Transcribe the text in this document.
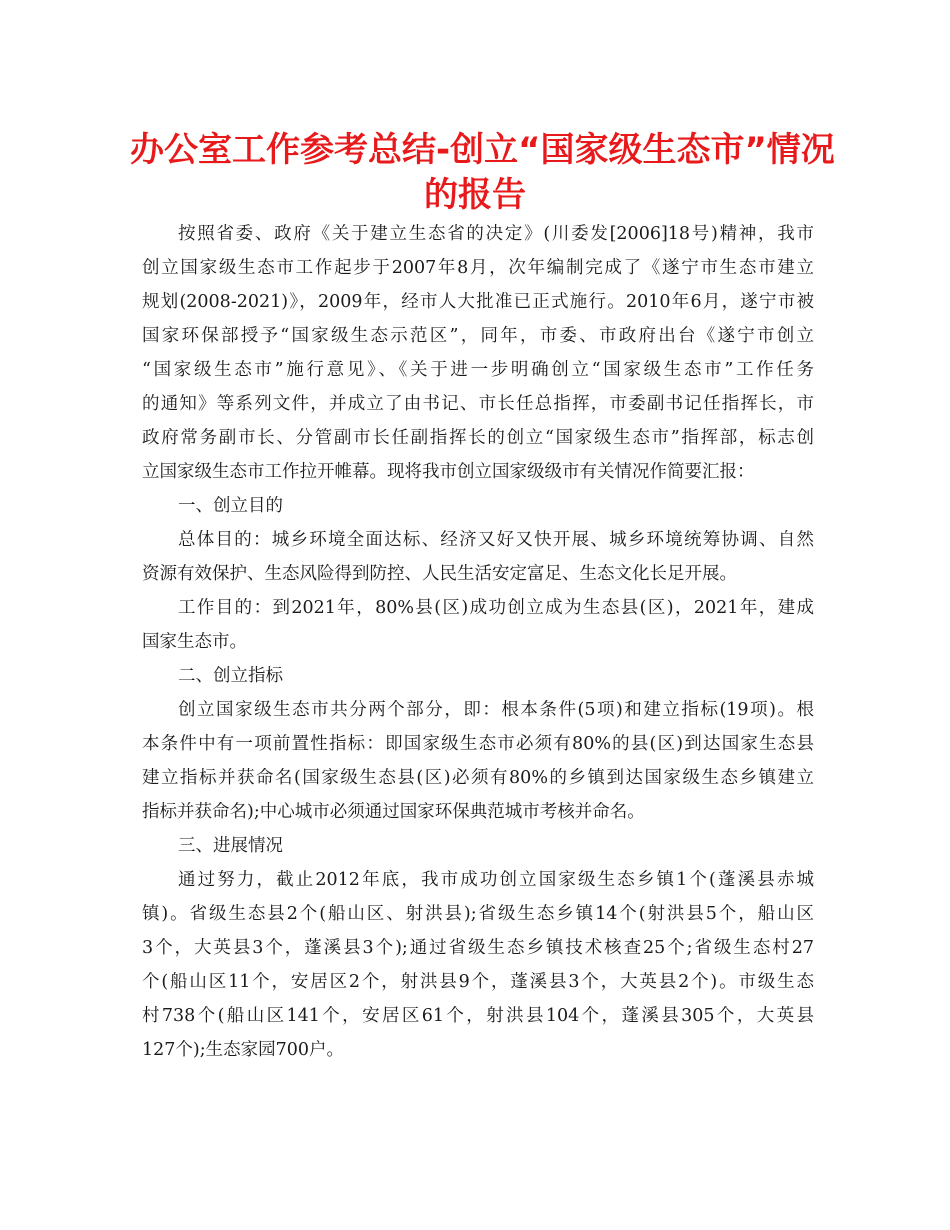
办公室工作参考总结-创立“国家级生态市”情况
的报告

按照省委、政府《关于建立生态省的决定》(川委发[2006]18号)精神，我市

创立国家级生态市工作起步于2007年8月，次年编制完成了《遂宁市生态市建立

规划(2008-2021)》，2009年，经市人大批准已正式施行。2010年6月，遂宁市被

国家环保部授予“国家级生态示范区”，同年，市委、市政府出台《遂宁市创立

“国家级生态市”施行意见》、《关于进一步明确创立“国家级生态市”工作任务

的通知》等系列文件，并成立了由书记、市长任总指挥，市委副书记任指挥长，市

政府常务副市长、分管副市长任副指挥长的创立“国家级生态市”指挥部，标志创

立国家级生态市工作拉开帷幕。现将我市创立国家级级市有关情况作简要汇报：

一、创立目的

总体目的：城乡环境全面达标、经济又好又快开展、城乡环境统筹协调、自然

资源有效保护、生态风险得到防控、人民生活安定富足、生态文化长足开展。

工作目的：到2021年，80%县(区)成功创立成为生态县(区)，2021年，建成

国家生态市。

二、创立指标

创立国家级生态市共分两个部分，即：根本条件(5项)和建立指标(19项)。根

本条件中有一项前置性指标：即国家级生态市必须有80%的县(区)到达国家生态县

建立指标并获命名(国家级生态县(区)必须有80%的乡镇到达国家级生态乡镇建立

指标并获命名);中心城市必须通过国家环保典范城市考核并命名。

三、进展情况

通过努力，截止2012年底，我市成功创立国家级生态乡镇1个(蓬溪县赤城

镇)。省级生态县2个(船山区、射洪县);省级生态乡镇14个(射洪县5个，船山区

3个，大英县3个，蓬溪县3个);通过省级生态乡镇技术核查25个;省级生态村27

个(船山区11个，安居区2个，射洪县9个，蓬溪县3个，大英县2个)。市级生态

村738个(船山区141个，安居区61个，射洪县104个，蓬溪县305个，大英县

127个);生态家园700户。
